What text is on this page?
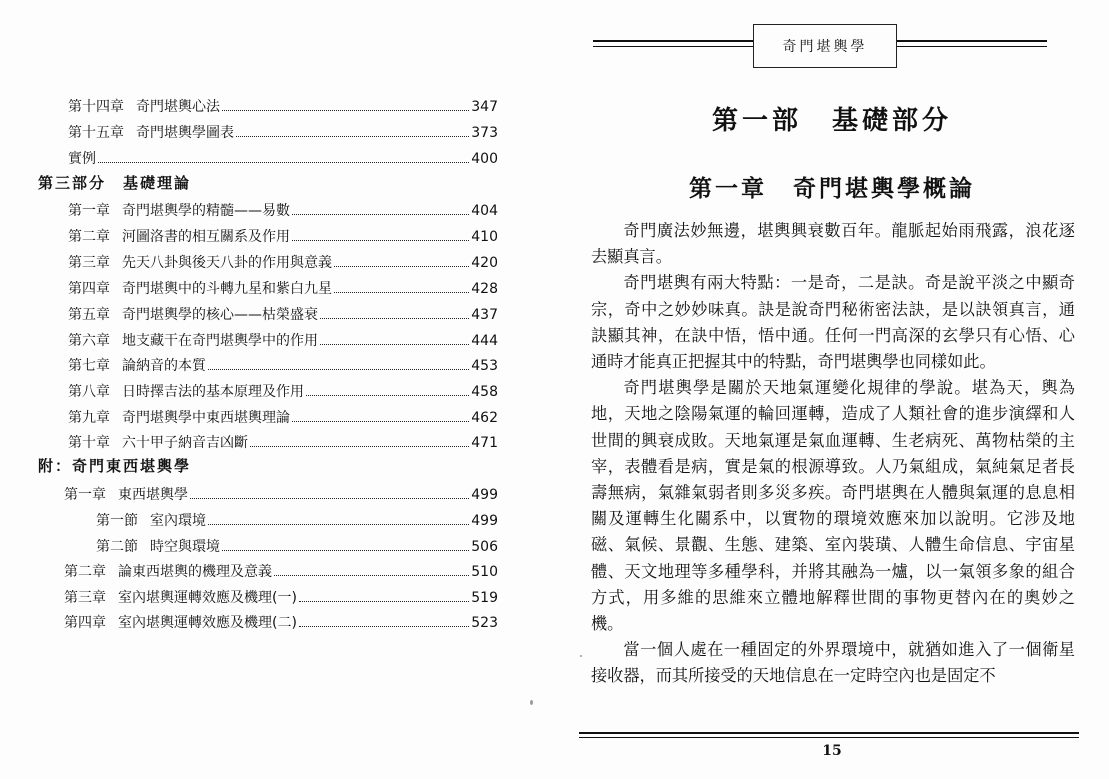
第十四章 奇門堪輿心法	347
第十五章 奇門堪輿學圖表	373
實例	400
第三部分　基礎理論
第一章 奇門堪輿學的精髓——易數	404
第二章 河圖洛書的相互關系及作用	410
第三章 先天八卦與後天八卦的作用與意義	420
第四章 奇門堪輿中的斗轉九星和紫白九星	428
第五章 奇門堪輿學的核心——枯榮盛衰	437
第六章 地支藏干在奇門堪輿學中的作用	444
第七章 論納音的本質	453
第八章 日時擇吉法的基本原理及作用	458
第九章 奇門堪輿學中東西堪輿理論	462
第十章 六十甲子納音吉凶斷	471
附：奇門東西堪輿學
第一章 東西堪輿學	499
第一節 室內環境	499
第二節 時空與環境	506
第二章 論東西堪輿的機理及意義	510
第三章 室內堪輿運轉效應及機理(一)	519
第四章 室內堪輿運轉效應及機理(二)	523
奇門堪輿學
第一部　基礎部分
第一章　奇門堪輿學概論

奇門廣法妙無邊，堪輿興衰數百年。龍脈起始雨飛露，浪花逐去顯真言。

奇門堪輿有兩大特點：一是奇，二是訣。奇是說平淡之中顯奇宗，奇中之妙妙味真。訣是說奇門秘術密法訣，是以訣領真言，通訣顯其神，在訣中悟，悟中通。任何一門高深的玄學只有心悟、心通時才能真正把握其中的特點，奇門堪輿學也同樣如此。

奇門堪輿學是關於天地氣運變化規律的學說。堪為天，輿為地，天地之陰陽氣運的輪回運轉，造成了人類社會的進步演繹和人世間的興衰成敗。天地氣運是氣血運轉、生老病死、萬物枯榮的主宰，表體看是病，實是氣的根源導致。人乃氣組成，氣純氣足者長壽無病，氣雜氣弱者則多災多疾。奇門堪輿在人體與氣運的息息相關及運轉生化關系中，以實物的環境效應來加以說明。它涉及地磁、氣候、景觀、生態、建築、室內裝璜、人體生命信息、宇宙星體、天文地理等多種學科，并將其融為一爐，以一氣領多象的組合方式，用多維的思維來立體地解釋世間的事物更替內在的奧妙之機。

當一個人處在一種固定的外界環境中，就猶如進入了一個衛星接收器，而其所接受的天地信息在一定時空內也是固定不

15
